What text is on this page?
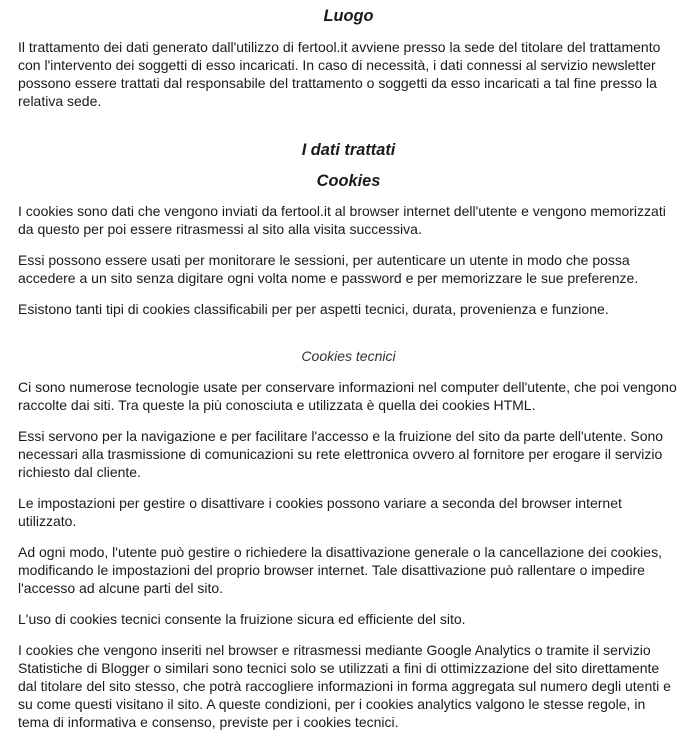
Luogo

Il trattamento dei dati generato dall'utilizzo di fertool.it avviene presso la sede del titolare del trattamento con l'intervento dei soggetti di esso incaricati. In caso di necessità, i dati connessi al servizio newsletter possono essere trattati dal responsabile del trattamento o soggetti da esso incaricati a tal fine presso la relativa sede.

I dati trattati
Cookies

I cookies sono dati che vengono inviati da fertool.it al browser internet dell'utente e vengono memorizzati da questo per poi essere ritrasmessi al sito alla visita successiva.

Essi possono essere usati per monitorare le sessioni, per autenticare un utente in modo che possa accedere a un sito senza digitare ogni volta nome e password e per memorizzare le sue preferenze.

Esistono tanti tipi di cookies classificabili per per aspetti tecnici, durata, provenienza e funzione.

Cookies tecnici

Ci sono numerose tecnologie usate per conservare informazioni nel computer dell'utente, che poi vengono raccolte dai siti. Tra queste la più conosciuta e utilizzata è quella dei cookies HTML.

Essi servono per la navigazione e per facilitare l'accesso e la fruizione del sito da parte dell'utente. Sono necessari alla trasmissione di comunicazioni su rete elettronica ovvero al fornitore per erogare il servizio richiesto dal cliente.

Le impostazioni per gestire o disattivare i cookies possono variare a seconda del browser internet utilizzato.

Ad ogni modo, l'utente può gestire o richiedere la disattivazione generale o la cancellazione dei cookies, modificando le impostazioni del proprio browser internet. Tale disattivazione può rallentare o impedire l'accesso ad alcune parti del sito.

L'uso di cookies tecnici consente la fruizione sicura ed efficiente del sito.

I cookies che vengono inseriti nel browser e ritrasmessi mediante Google Analytics o tramite il servizio Statistiche di Blogger o similari sono tecnici solo se utilizzati a fini di ottimizzazione del sito direttamente dal titolare del sito stesso, che potrà raccogliere informazioni in forma aggregata sul numero degli utenti e su come questi visitano il sito. A queste condizioni, per i cookies analytics valgono le stesse regole, in tema di informativa e consenso, previste per i cookies tecnici.
